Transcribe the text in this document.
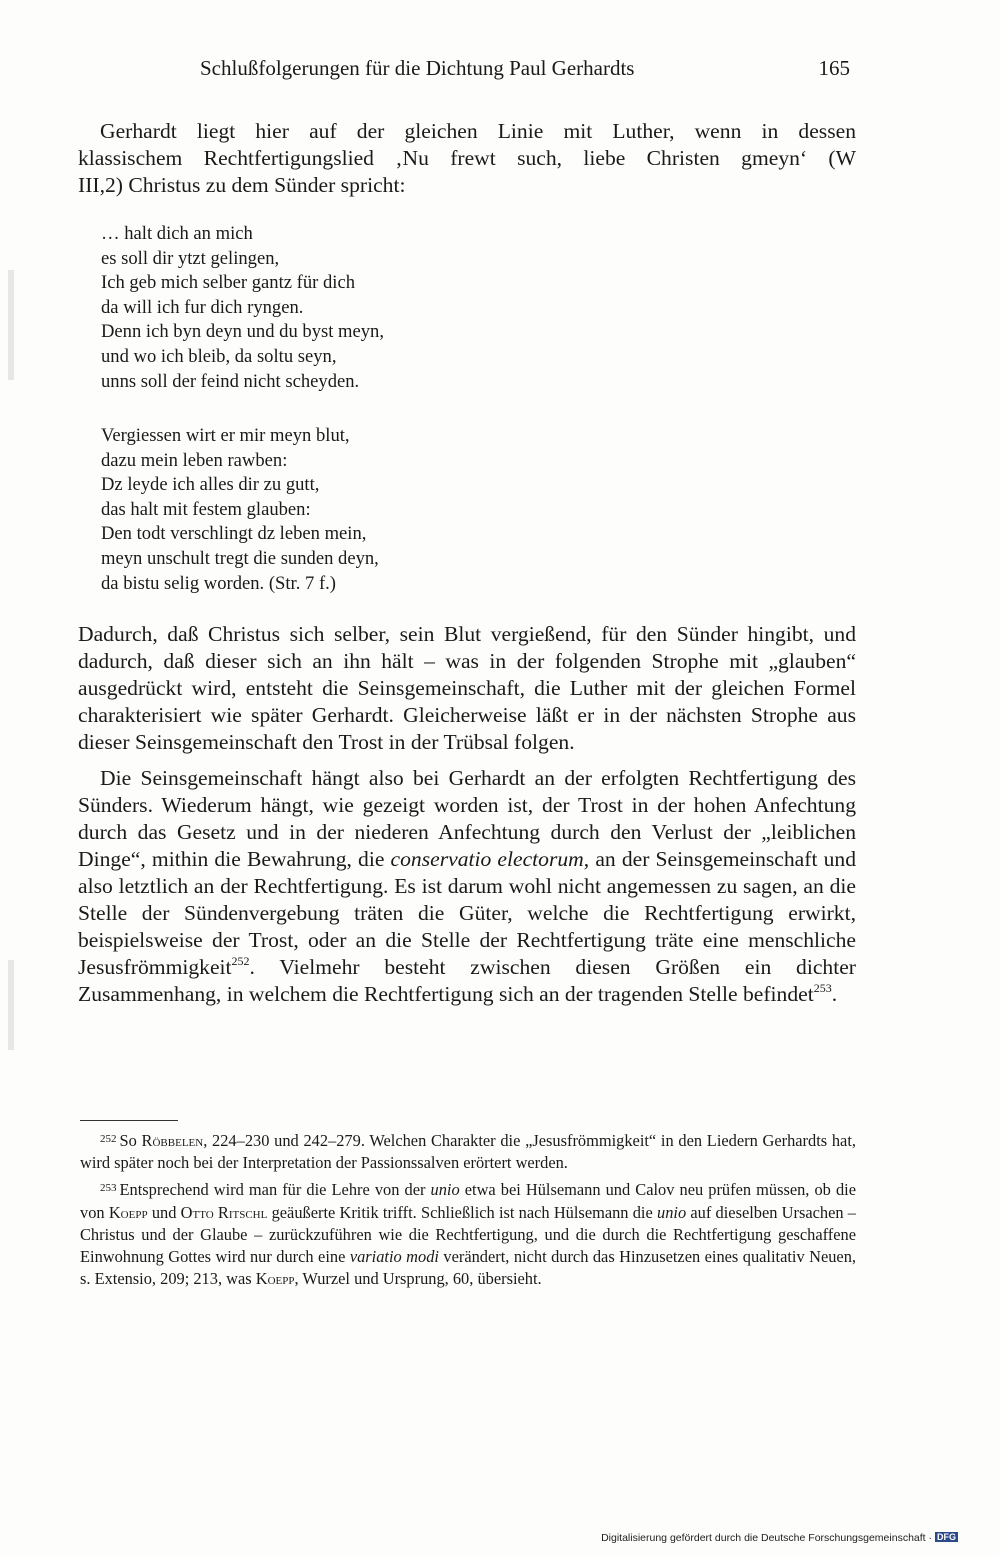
Schlußfolgerungen für die Dichtung Paul Gerhardts	165
Gerhardt liegt hier auf der gleichen Linie mit Luther, wenn in dessen
klassischem Rechtfertigungslied ‚Nu frewt such, liebe Christen gmeyn‘ (W
III,2) Christus zu dem Sünder spricht:
… halt dich an mich
es soll dir ytzt gelingen,
Ich geb mich selber gantz für dich
da will ich fur dich ryngen.
Denn ich byn deyn und du byst meyn,
und wo ich bleib, da soltu seyn,
unns soll der feind nicht scheyden.
Vergiessen wirt er mir meyn blut,
dazu mein leben rawben:
Dz leyde ich alles dir zu gutt,
das halt mit festem glauben:
Den todt verschlingt dz leben mein,
meyn unschult tregt die sunden deyn,
da bistu selig worden. (Str. 7 f.)
Dadurch, daß Christus sich selber, sein Blut vergießend, für den Sünder hingibt, und dadurch, daß dieser sich an ihn hält – was in der folgenden Strophe mit „glauben“ ausgedrückt wird, entsteht die Seinsgemeinschaft, die Luther mit der gleichen Formel charakterisiert wie später Gerhardt. Gleicherweise läßt er in der nächsten Strophe aus dieser Seinsgemeinschaft den Trost in der Trübsal folgen.
Die Seinsgemeinschaft hängt also bei Gerhardt an der erfolgten Rechtfertigung des Sünders. Wiederum hängt, wie gezeigt worden ist, der Trost in der hohen Anfechtung durch das Gesetz und in der niederen Anfechtung durch den Verlust der „leiblichen Dinge“, mithin die Bewahrung, die conservatio electorum, an der Seinsgemeinschaft und also letztlich an der Rechtfertigung. Es ist darum wohl nicht angemessen zu sagen, an die Stelle der Sündenvergebung träten die Güter, welche die Rechtfertigung erwirkt, beispielsweise der Trost, oder an die Stelle der Rechtfertigung träte eine menschliche Jesusfrömmigkeit$^{252}$. Vielmehr besteht zwischen diesen Größen ein dichter Zusammenhang, in welchem die Rechtfertigung sich an der tragenden Stelle befindet$^{253}$.

$^{252}$ So Röbbelen, 224–230 und 242–279. Welchen Charakter die „Jesusfrömmigkeit“ in den Liedern Gerhardts hat, wird später noch bei der Interpretation der Passionssalven erörtert werden.

$^{253}$ Entsprechend wird man für die Lehre von der unio etwa bei Hülsemann und Calov neu prüfen müssen, ob die von Koepp und Otto Ritschl geäußerte Kritik trifft. Schließlich ist nach Hülsemann die unio auf dieselben Ursachen – Christus und der Glaube – zurückzuführen wie die Rechtfertigung, und die durch die Rechtfertigung geschaffene Einwohnung Gottes wird nur durch eine variatio modi verändert, nicht durch das Hinzusetzen eines qualitativ Neuen, s. Extensio, 209; 213, was Koepp, Wurzel und Ursprung, 60, übersieht.

Digitalisierung gefördert durch die Deutsche Forschungsgemeinschaft · DFG
